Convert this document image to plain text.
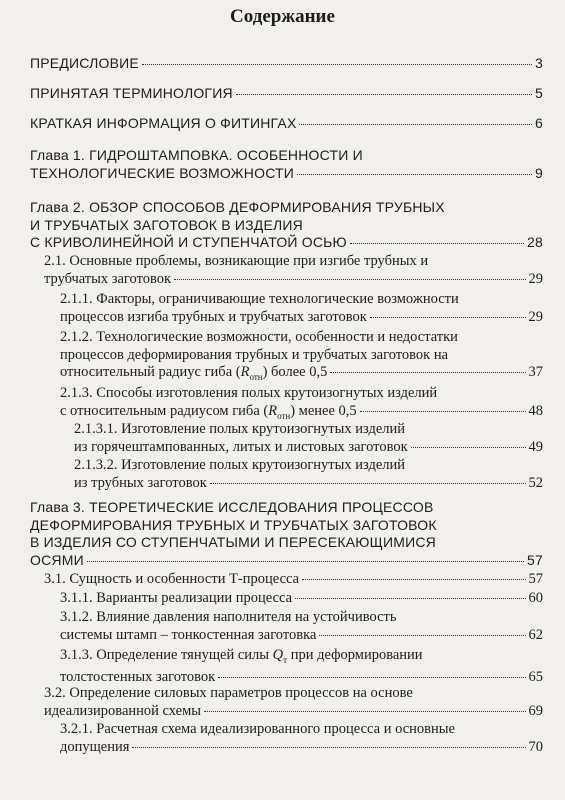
Содержание
ПРЕДИСЛОВИЕ	3
ПРИНЯТАЯ ТЕРМИНОЛОГИЯ	5
КРАТКАЯ ИНФОРМАЦИЯ О ФИТИНГАХ	6
Глава 1. ГИДРОШТАМПОВКА. ОСОБЕННОСТИ И
ТЕХНОЛОГИЧЕСКИЕ ВОЗМОЖНОСТИ	9
Глава 2. ОБЗОР СПОСОБОВ ДЕФОРМИРОВАНИЯ ТРУБНЫХ
И ТРУБЧАТЫХ ЗАГОТОВОК В ИЗДЕЛИЯ
С КРИВОЛИНЕЙНОЙ И СТУПЕНЧАТОЙ ОСЬЮ	28
2.1. Основные проблемы, возникающие при изгибе трубных и
трубчатых заготовок	29
2.1.1. Факторы, ограничивающие технологические возможности
процессов изгиба трубных и трубчатых заготовок	29
2.1.2. Технологические возможности, особенности и недостатки
процессов деформирования трубных и трубчатых заготовок на
относительный радиус гиба $(R_{отн})$ более 0,5	37
2.1.3. Способы изготовления полых крутоизогнутых изделий
с относительным радиусом гиба $(R_{отн})$ менее 0,5	48
2.1.3.1. Изготовление полых крутоизогнутых изделий
из горячештампованных, литых и листовых заготовок	49
2.1.3.2. Изготовление полых крутоизогнутых изделий
из трубных заготовок	52
Глава 3. ТЕОРЕТИЧЕСКИЕ ИССЛЕДОВАНИЯ ПРОЦЕССОВ
ДЕФОРМИРОВАНИЯ ТРУБНЫХ И ТРУБЧАТЫХ ЗАГОТОВОК
В ИЗДЕЛИЯ СО СТУПЕНЧАТЫМИ И ПЕРЕСЕКАЮЩИМИСЯ
ОСЯМИ	57
3.1. Сущность и особенности Т-процесса	57
3.1.1. Варианты реализации процесса	60
3.1.2. Влияние давления наполнителя на устойчивость
системы штамп – тонкостенная заготовка	62
3.1.3. Определение тянущей силы $Q_т$ при деформировании
толстостенных заготовок	65
3.2. Определение силовых параметров процессов на основе
идеализированной схемы	69
3.2.1. Расчетная схема идеализированного процесса и основные
допущения	70
